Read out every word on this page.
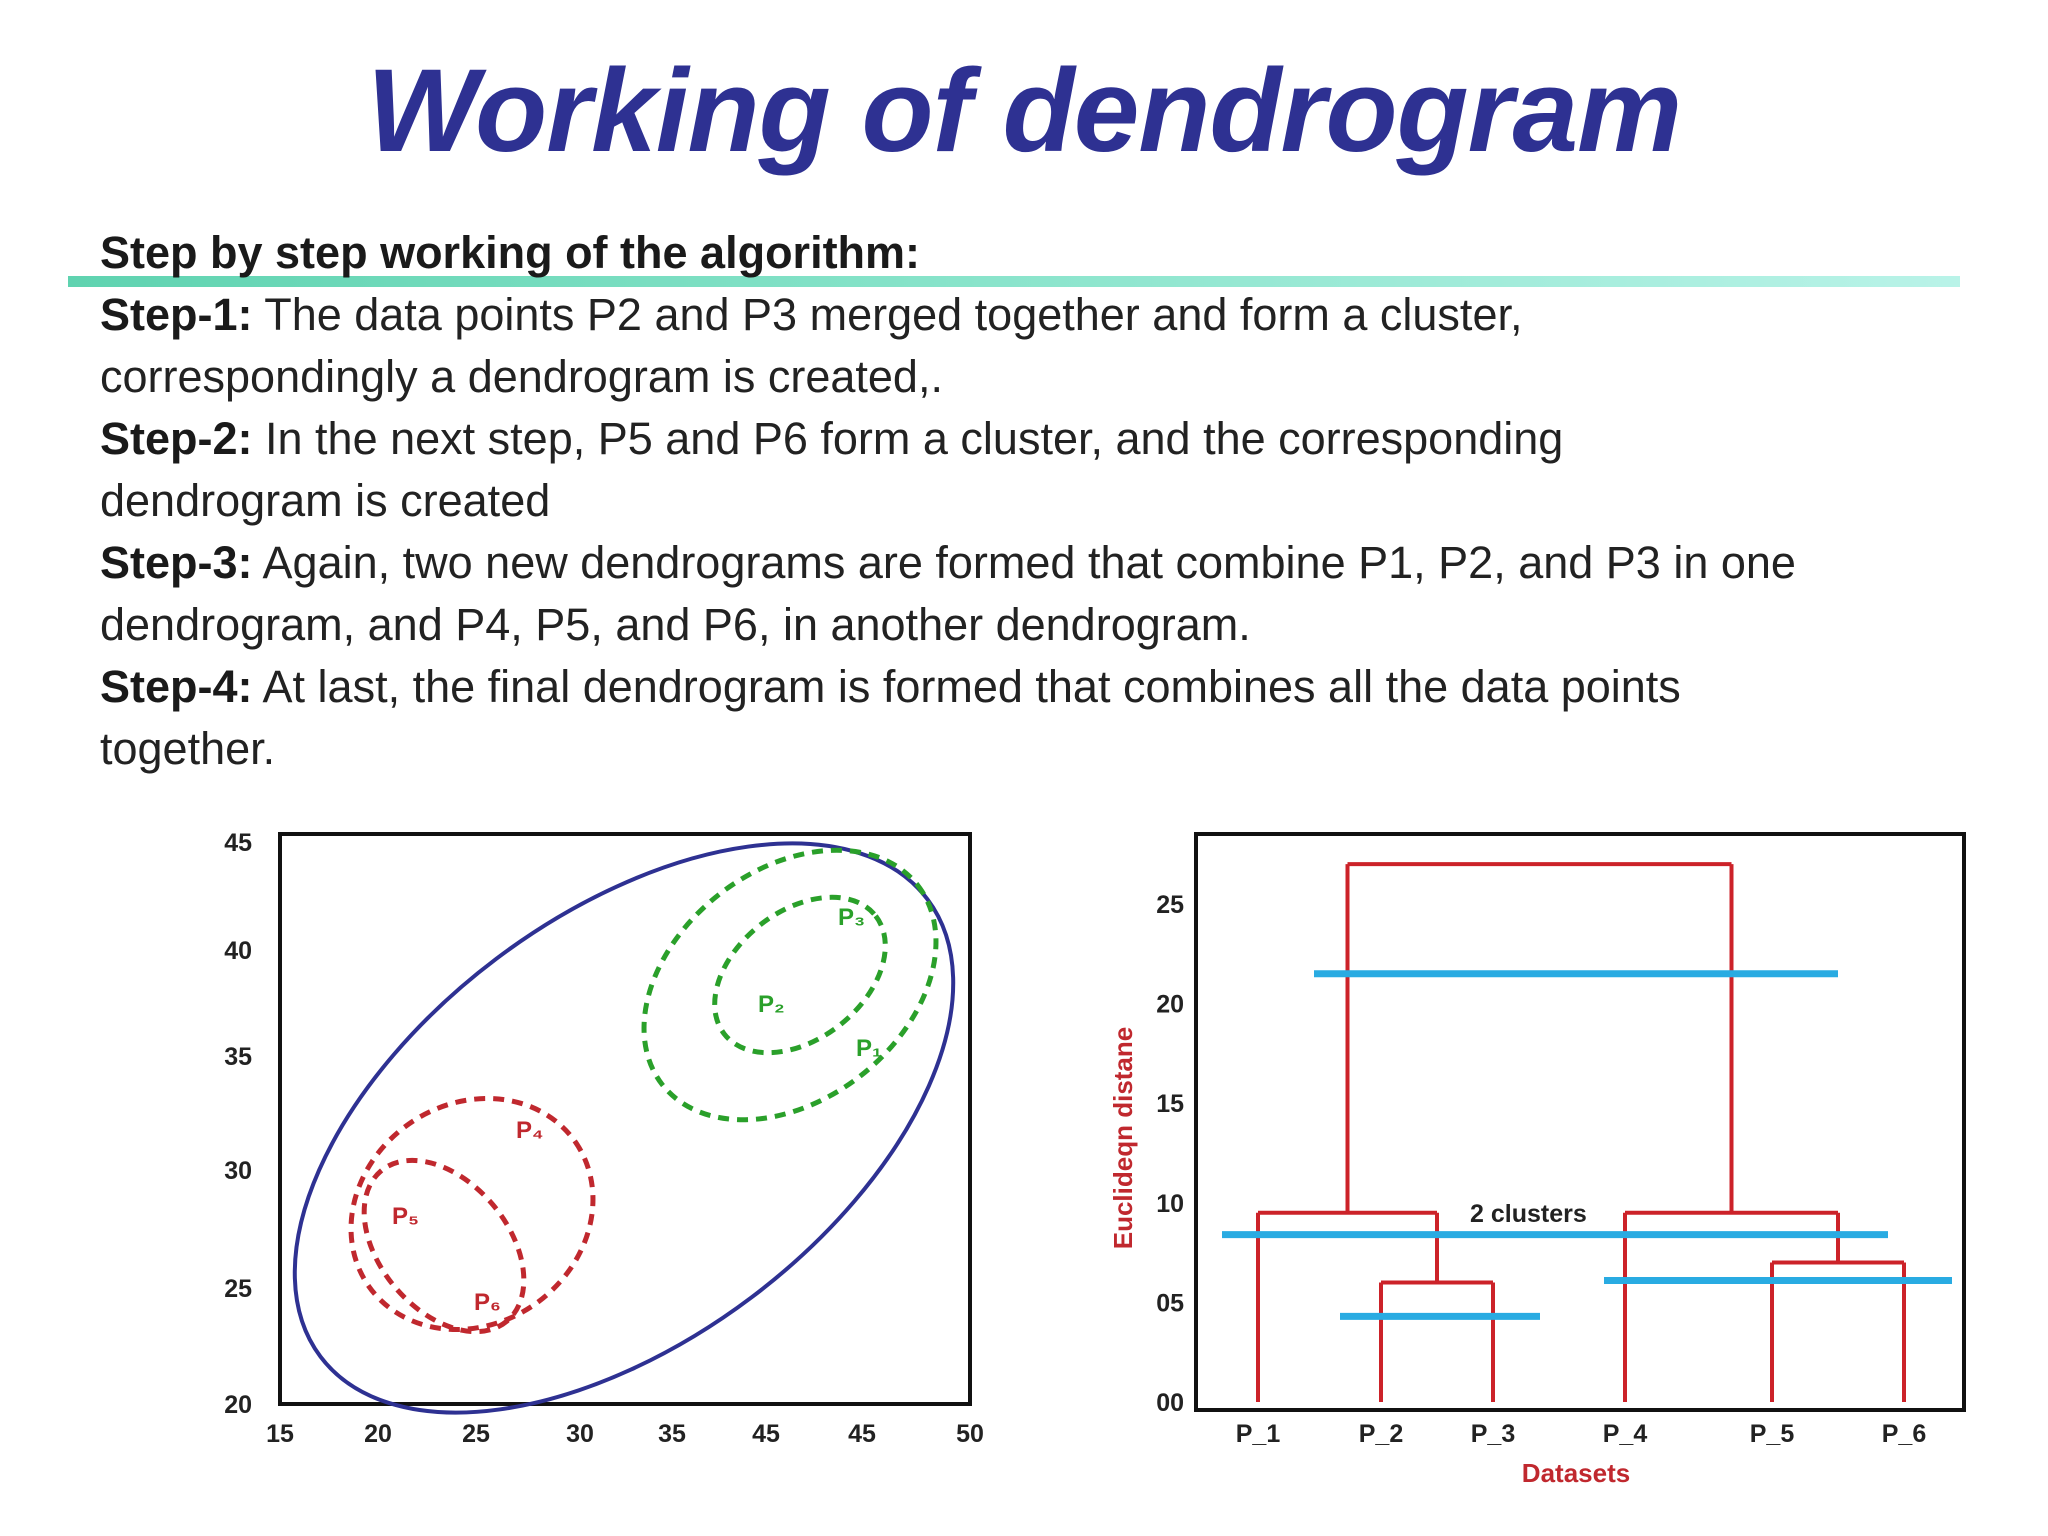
Working of dendrogram
Step by step working of the algorithm:
Step-1: The data points P2 and P3 merged together and form a cluster,
correspondingly a dendrogram is created,.
Step-2: In the next step, P5 and P6 form a cluster, and the corresponding
dendrogram is created
Step-3: Again, two new dendrograms are formed that combine P1, P2, and P3 in one
dendrogram, and P4, P5, and P6, in another dendrogram.
Step-4: At last, the final dendrogram is formed that combines all the data points
together.
15	20	25	30	35	45	45	50
20
25
30
35
40
45
P₁
P₂
P₃
P₄
P₅
P₆
00
05
10
15
20
25
P_1	P_2	P_3	P_4	P_5	P_6
Euclideqn distane
Datasets
2 clusters
